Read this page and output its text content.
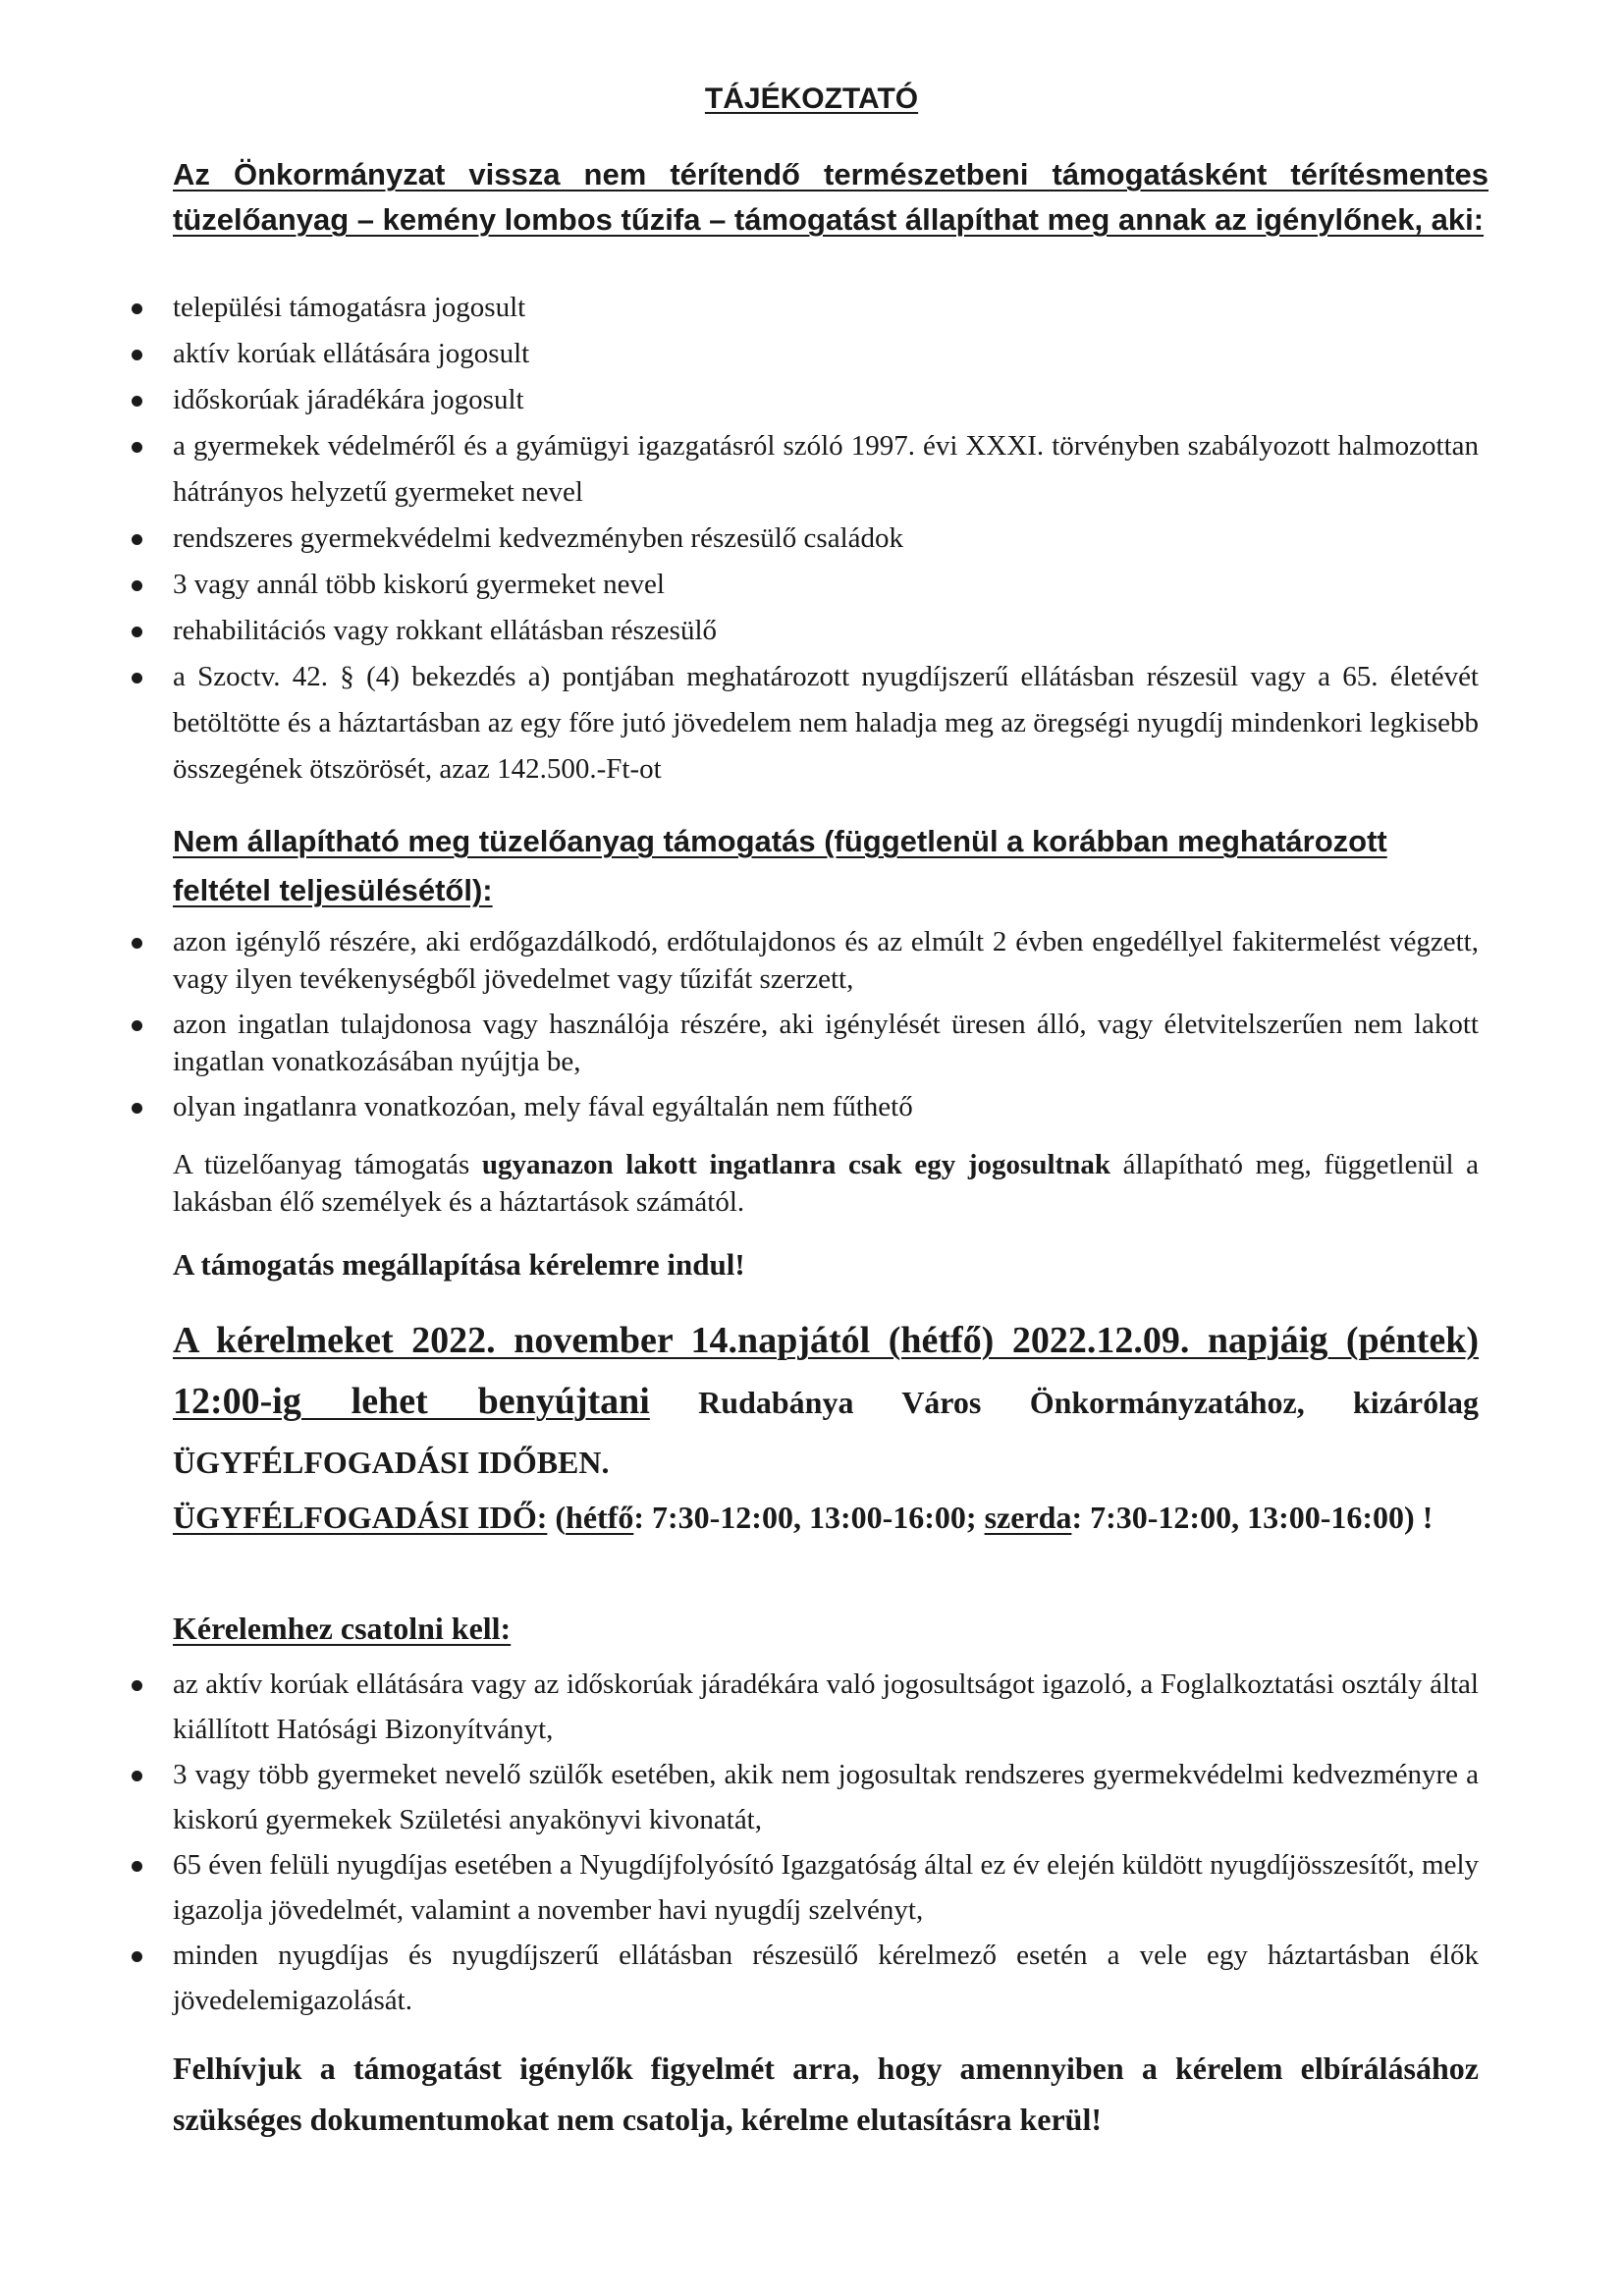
TÁJÉKOZTATÓ

Az Önkormányzat vissza nem térítendő természetbeni támogatásként térítésmentes tüzelőanyag – kemény lombos tűzifa – támogatást állapíthat meg annak az igénylőnek, aki:

települési támogatásra jogosult
aktív korúak ellátására jogosult
időskorúak járadékára jogosult
a gyermekek védelméről és a gyámügyi igazgatásról szóló 1997. évi XXXI. törvényben szabályozott halmozottan hátrányos helyzetű gyermeket nevel
rendszeres gyermekvédelmi kedvezményben részesülő családok
3 vagy annál több kiskorú gyermeket nevel
rehabilitációs vagy rokkant ellátásban részesülő
a Szoctv. 42. § (4) bekezdés a) pontjában meghatározott nyugdíjszerű ellátásban részesül vagy a 65. életévét betöltötte és a háztartásban az egy főre jutó jövedelem nem haladja meg az öregségi nyugdíj mindenkori legkisebb összegének ötszörösét, azaz 142.500.-Ft-ot

Nem állapítható meg tüzelőanyag támogatás (függetlenül a korábban meghatározott feltétel teljesülésétől):

azon igénylő részére, aki erdőgazdálkodó, erdőtulajdonos és az elmúlt 2 évben engedéllyel fakitermelést végzett, vagy ilyen tevékenységből jövedelmet vagy tűzifát szerzett,
azon ingatlan tulajdonosa vagy használója részére, aki igénylését üresen álló, vagy életvitelszerűen nem lakott ingatlan vonatkozásában nyújtja be,
olyan ingatlanra vonatkozóan, mely fával egyáltalán nem fűthető

A tüzelőanyag támogatás ugyanazon lakott ingatlanra csak egy jogosultnak állapítható meg, függetlenül a lakásban élő személyek és a háztartások számától.

A támogatás megállapítása kérelemre indul!

A kérelmeket 2022. november 14.napjától (hétfő) 2022.12.09. napjáig (péntek) 12:00-ig lehet benyújtani Rudabánya Város Önkormányzatához, kizárólag ÜGYFÉLFOGADÁSI IDŐBEN.

ÜGYFÉLFOGADÁSI IDŐ: (hétfő: 7:30-12:00, 13:00-16:00; szerda: 7:30-12:00, 13:00-16:00) !

Kérelemhez csatolni kell:

az aktív korúak ellátására vagy az időskorúak járadékára való jogosultságot igazoló, a Foglalkoztatási osztály által kiállított Hatósági Bizonyítványt,
3 vagy több gyermeket nevelő szülők esetében, akik nem jogosultak rendszeres gyermekvédelmi kedvezményre a kiskorú gyermekek Születési anyakönyvi kivonatát,
65 éven felüli nyugdíjas esetében a Nyugdíjfolyósító Igazgatóság által ez év elején küldött nyugdíjösszesítőt, mely igazolja jövedelmét, valamint a november havi nyugdíj szelvényt,
minden nyugdíjas és nyugdíjszerű ellátásban részesülő kérelmező esetén a vele egy háztartásban élők jövedelemigazolását.

Felhívjuk a támogatást igénylők figyelmét arra, hogy amennyiben a kérelem elbírálásához szükséges dokumentumokat nem csatolja, kérelme elutasításra kerül!
